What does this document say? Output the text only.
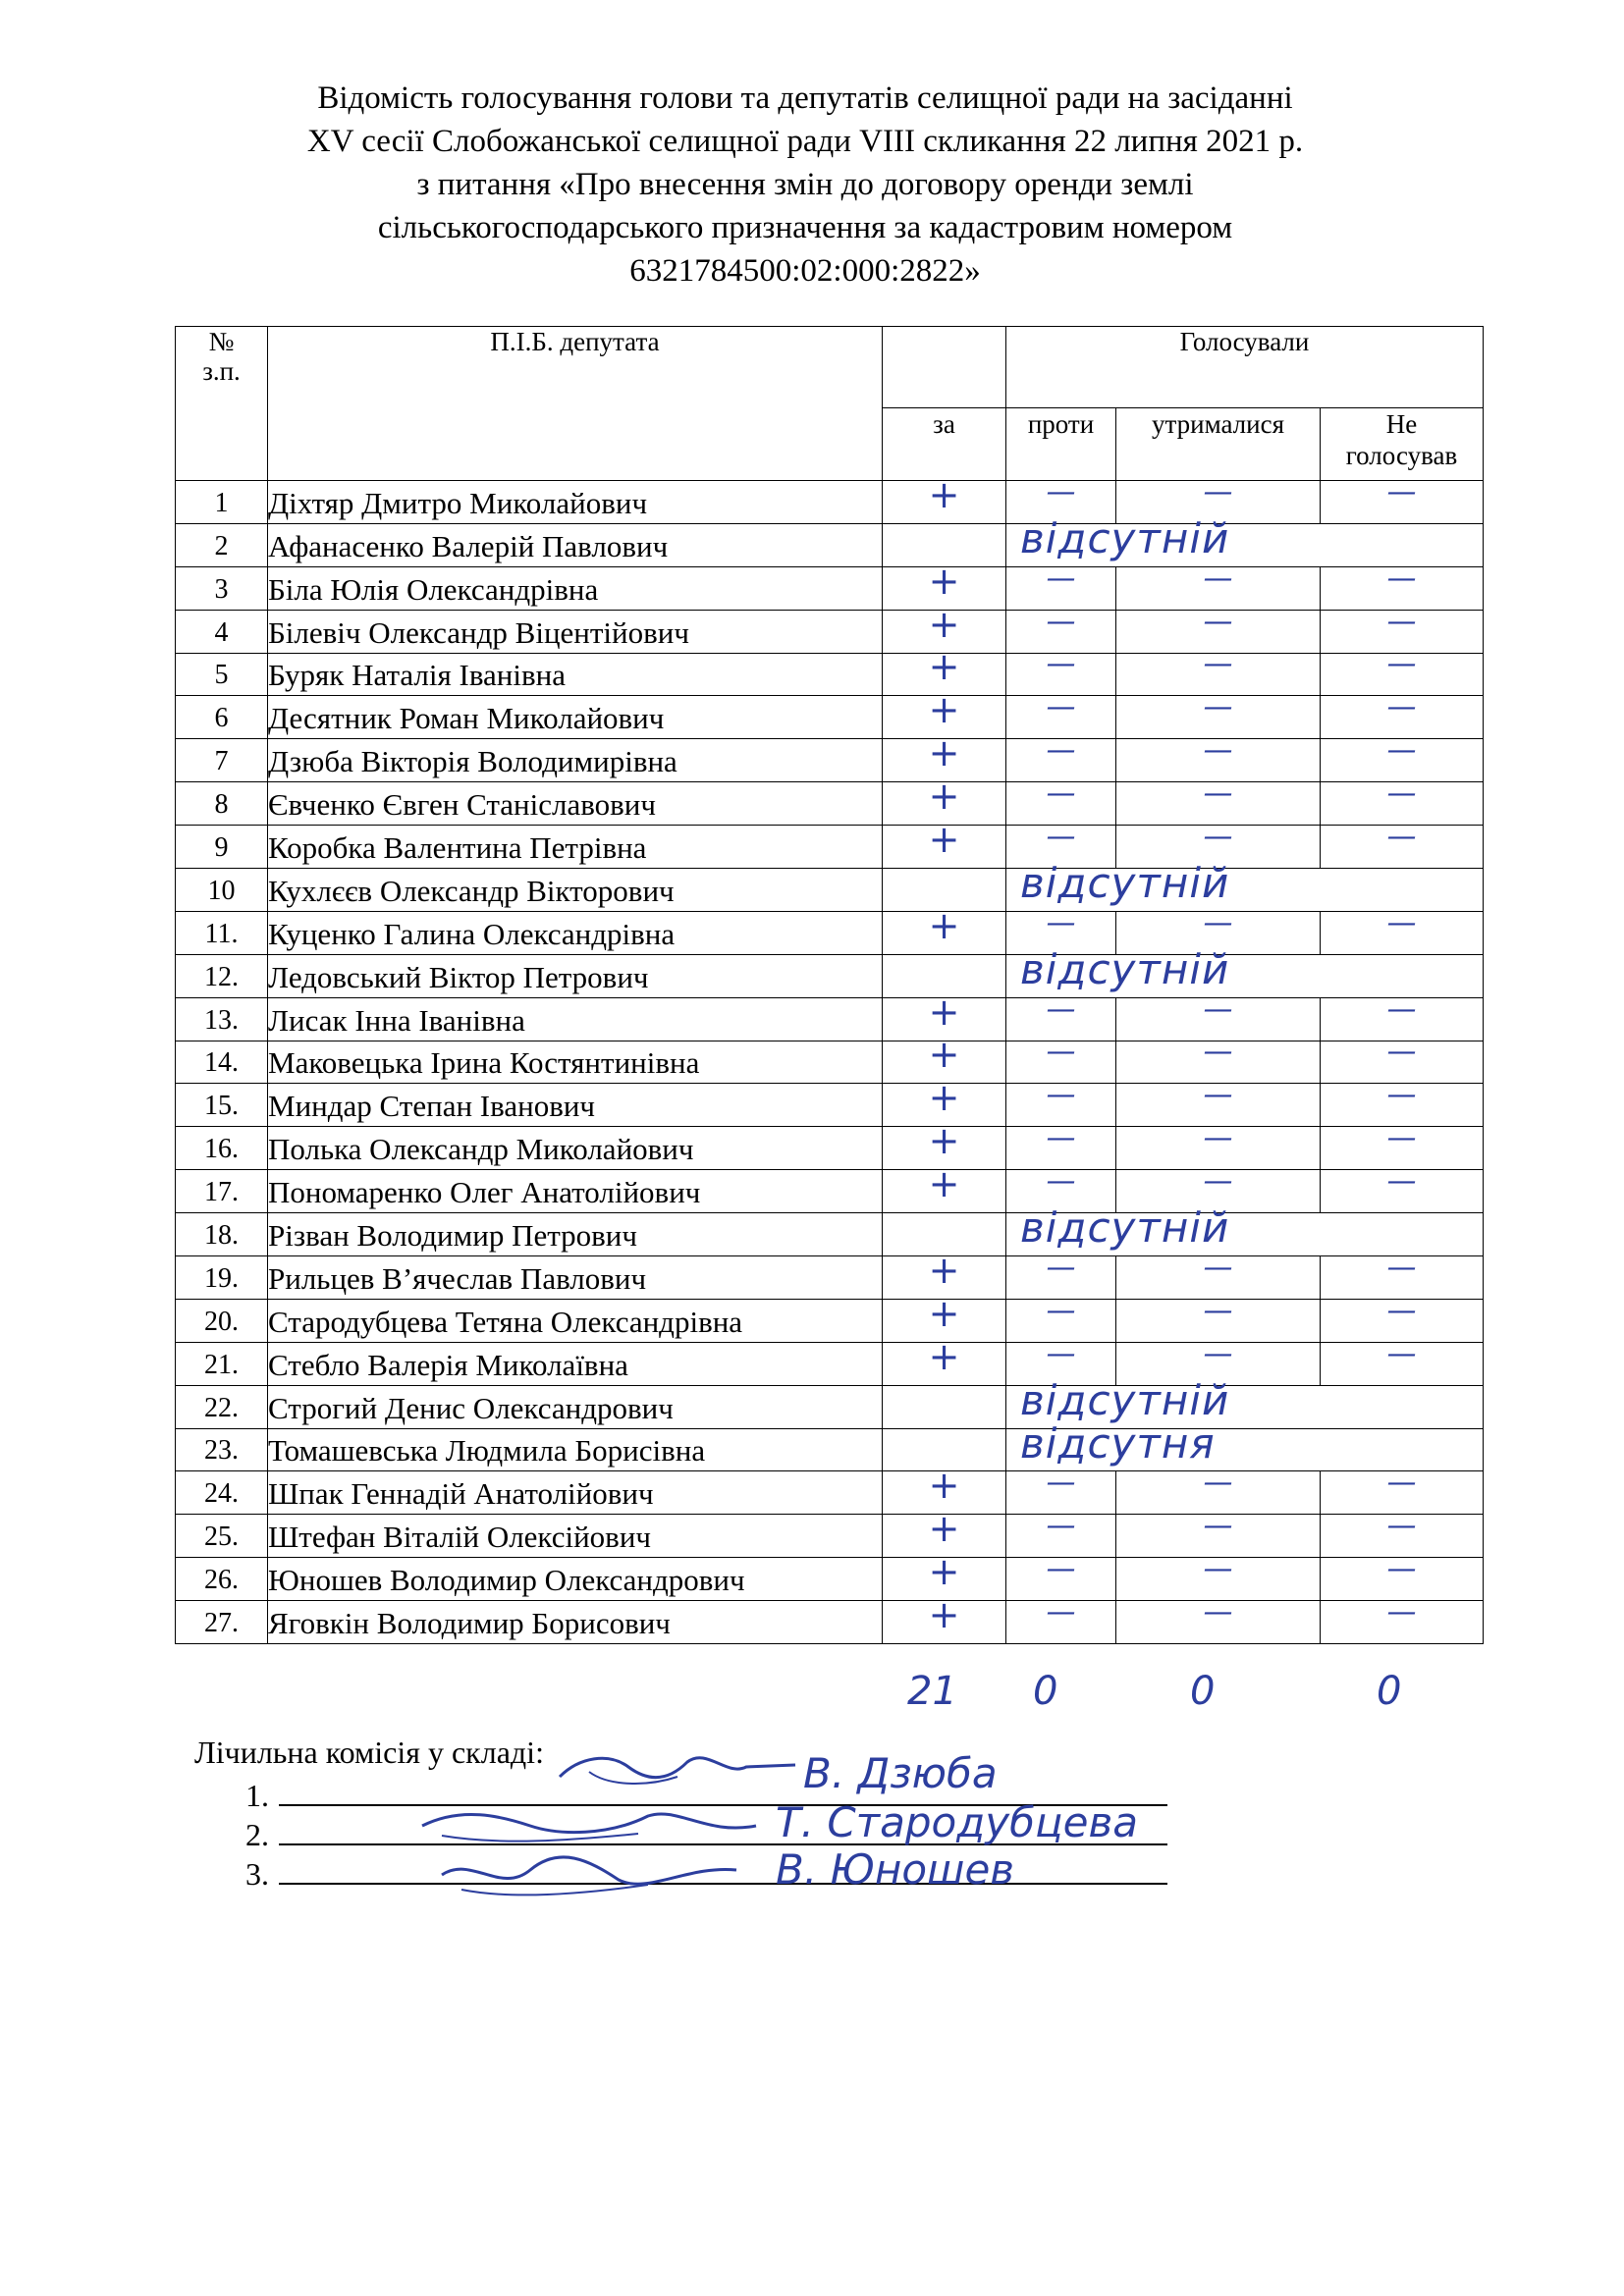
Відомість голосування голови та депутатів селищної ради на засіданні
XV сесії Слобожанської селищної ради VIII скликання 22 липня 2021 р.
з питання «Про внесення змін до договору оренди землі
сільськогосподарського призначення за кадастровим номером
6321784500:02:000:2822»
№
з.п.	П.І.Б. депутата		Голосували		
		за	проти	утрималися	Не
голосував
1	Діхтяр Дмитро Миколайович	+	—	—	—
2	Афанасенко Валерій Павлович		відсутній		

3	Біла Юлія Олександрівна	+	—	—	—
4	Білевіч Олександр Віцентійович	+	—	—	—
5	Буряк Наталія Іванівна	+	—	—	—
6	Десятник Роман Миколайович	+	—	—	—
7	Дзюба Вікторія Володимирівна	+	—	—	—
8	Євченко Євген Станіславович	+	—	—	—
9	Коробка Валентина Петрівна	+	—	—	—
10	Кухлєєв Олександр Вікторович		відсутній		

11.	Куценко Галина Олександрівна	+	—	—	—
12.	Ледовський Віктор Петрович		відсутній		

13.	Лисак Інна Іванівна	+	—	—	—
14.	Маковецька Ірина Костянтинівна	+	—	—	—
15.	Миндар Степан Іванович	+	—	—	—
16.	Полька Олександр Миколайович	+	—	—	—
17.	Пономаренко Олег Анатолійович	+	—	—	—
18.	Різван Володимир Петрович		відсутній		

19.	Рильцев В’ячеслав Павлович	+	—	—	—
20.	Стародубцева Тетяна Олександрівна	+	—	—	—
21.	Стебло Валерія Миколаївна	+	—	—	—
22.	Строгий Денис Олександрович		відсутній		

23.	Томашевська Людмила Борисівна		відсутня		

24.	Шпак Геннадій Анатолійович	+	—	—	—
25.	Штефан Віталій Олексійович	+	—	—	—
26.	Юношев Володимир Олександрович	+	—	—	—
27.	Яговкін Володимир Борисович	+	—	—	—
21 0	0	0
Лічильна комісія у складі:
1.
2.
3.
В. Дзюба
Т. Стародубцева
В. Юношев
